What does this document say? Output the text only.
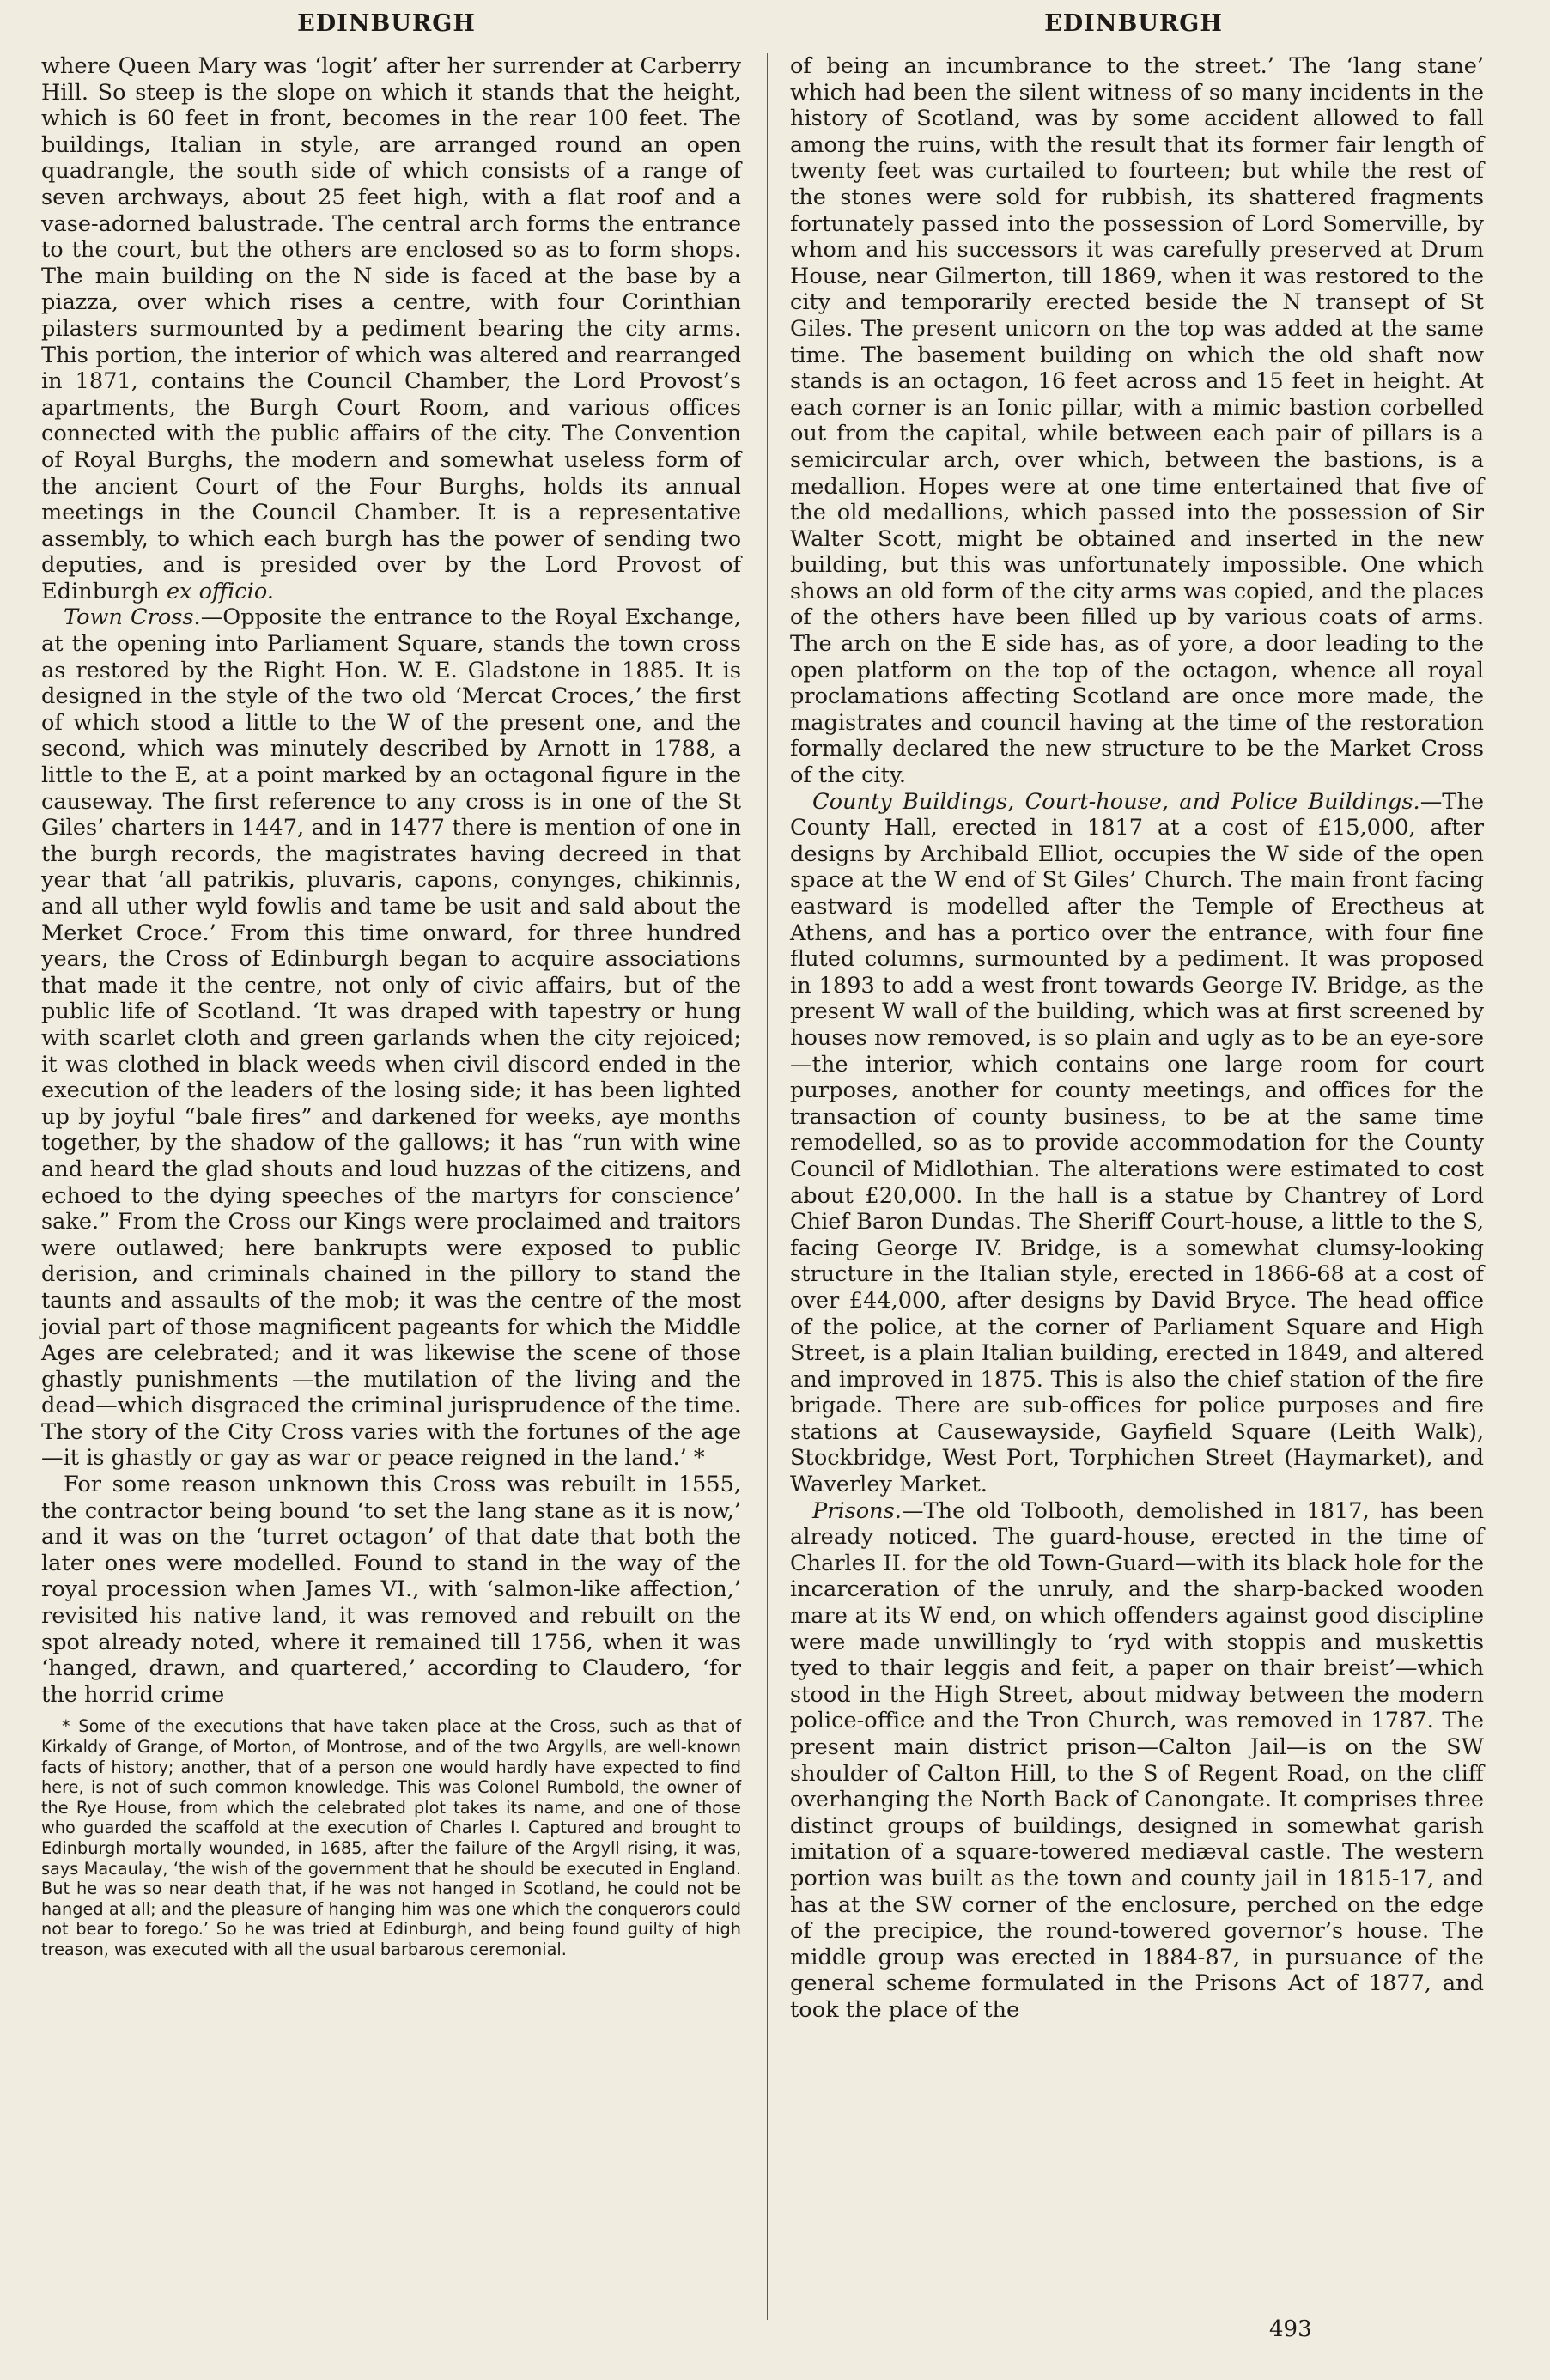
EDINBURGH	EDINBURGH

where Queen Mary was ‘logit’ after her surrender at Carberry Hill. So steep is the slope on which it stands that the height, which is 60 feet in front, becomes in the rear 100 feet. The buildings, Italian in style, are arranged round an open quadrangle, the south side of which consists of a range of seven archways, about 25 feet high, with a flat roof and a vase-adorned balustrade. The central arch forms the entrance to the court, but the others are enclosed so as to form shops. The main building on the N side is faced at the base by a piazza, over which rises a centre, with four Corinthian pilasters surmounted by a pediment bearing the city arms. This portion, the interior of which was altered and rearranged in 1871, contains the Council Chamber, the Lord Provost’s apartments, the Burgh Court Room, and various offices connected with the public affairs of the city. The Convention of Royal Burghs, the modern and somewhat useless form of the ancient Court of the Four Burghs, holds its annual meetings in the Council Chamber. It is a representative assembly, to which each burgh has the power of sending two deputies, and is presided over by the Lord Provost of Edinburgh ex officio.

Town Cross.—Opposite the entrance to the Royal Exchange, at the opening into Parliament Square, stands the town cross as restored by the Right Hon. W. E. Gladstone in 1885. It is designed in the style of the two old ‘Mercat Croces,’ the first of which stood a little to the W of the present one, and the second, which was minutely described by Arnott in 1788, a little to the E, at a point marked by an octagonal figure in the causeway. The first reference to any cross is in one of the St Giles’ charters in 1447, and in 1477 there is mention of one in the burgh records, the magistrates having decreed in that year that ‘all patrikis, pluvaris, capons, conynges, chikinnis, and all uther wyld fowlis and tame be usit and sald about the Merket Croce.’ From this time onward, for three hundred years, the Cross of Edinburgh began to acquire associations that made it the centre, not only of civic affairs, but of the public life of Scotland. ‘It was draped with tapestry or hung with scarlet cloth and green garlands when the city rejoiced; it was clothed in black weeds when civil discord ended in the execution of the leaders of the losing side; it has been lighted up by joyful “bale fires” and darkened for weeks, aye months together, by the shadow of the gallows; it has “run with wine and heard the glad shouts and loud huzzas of the citizens, and echoed to the dying speeches of the martyrs for conscience’ sake.” From the Cross our Kings were proclaimed and traitors were outlawed; here bankrupts were exposed to public derision, and criminals chained in the pillory to stand the taunts and assaults of the mob; it was the centre of the most jovial part of those magnificent pageants for which the Middle Ages are celebrated; and it was likewise the scene of those ghastly punishments —the mutilation of the living and the dead—which disgraced the criminal jurisprudence of the time. The story of the City Cross varies with the fortunes of the age—it is ghastly or gay as war or peace reigned in the land.’ *

For some reason unknown this Cross was rebuilt in 1555, the contractor being bound ‘to set the lang stane as it is now,’ and it was on the ‘turret octagon’ of that date that both the later ones were modelled. Found to stand in the way of the royal procession when James VI., with ‘salmon-like affection,’ revisited his native land, it was removed and rebuilt on the spot already noted, where it remained till 1756, when it was ‘hanged, drawn, and quartered,’ according to Claudero, ‘for the horrid crime

* Some of the executions that have taken place at the Cross, such as that of Kirkaldy of Grange, of Morton, of Montrose, and of the two Argylls, are well-known facts of history; another, that of a person one would hardly have expected to find here, is not of such common knowledge. This was Colonel Rumbold, the owner of the Rye House, from which the celebrated plot takes its name, and one of those who guarded the scaffold at the execution of Charles I. Captured and brought to Edinburgh mortally wounded, in 1685, after the failure of the Argyll rising, it was, says Macaulay, ‘the wish of the government that he should be executed in England. But he was so near death that, if he was not hanged in Scotland, he could not be hanged at all; and the pleasure of hanging him was one which the conquerors could not bear to forego.’ So he was tried at Edinburgh, and being found guilty of high treason, was executed with all the usual barbarous ceremonial.

of being an incumbrance to the street.’ The ‘lang stane’ which had been the silent witness of so many incidents in the history of Scotland, was by some accident allowed to fall among the ruins, with the result that its former fair length of twenty feet was curtailed to fourteen; but while the rest of the stones were sold for rubbish, its shattered fragments fortunately passed into the possession of Lord Somerville, by whom and his successors it was carefully preserved at Drum House, near Gilmerton, till 1869, when it was restored to the city and temporarily erected beside the N transept of St Giles. The present unicorn on the top was added at the same time. The basement building on which the old shaft now stands is an octagon, 16 feet across and 15 feet in height. At each corner is an Ionic pillar, with a mimic bastion corbelled out from the capital, while between each pair of pillars is a semicircular arch, over which, between the bastions, is a medallion. Hopes were at one time entertained that five of the old medallions, which passed into the possession of Sir Walter Scott, might be obtained and inserted in the new building, but this was unfortunately impossible. One which shows an old form of the city arms was copied, and the places of the others have been filled up by various coats of arms. The arch on the E side has, as of yore, a door leading to the open platform on the top of the octagon, whence all royal proclamations affecting Scotland are once more made, the magistrates and council having at the time of the restoration formally declared the new structure to be the Market Cross of the city.

County Buildings, Court-house, and Police Buildings.—The County Hall, erected in 1817 at a cost of £15,000, after designs by Archibald Elliot, occupies the W side of the open space at the W end of St Giles’ Church. The main front facing eastward is modelled after the Temple of Erectheus at Athens, and has a portico over the entrance, with four fine fluted columns, surmounted by a pediment. It was proposed in 1893 to add a west front towards George IV. Bridge, as the present W wall of the building, which was at first screened by houses now removed, is so plain and ugly as to be an eye-sore—the interior, which contains one large room for court purposes, another for county meetings, and offices for the transaction of county business, to be at the same time remodelled, so as to provide accommodation for the County Council of Midlothian. The alterations were estimated to cost about £20,000. In the hall is a statue by Chantrey of Lord Chief Baron Dundas. The Sheriff Court-house, a little to the S, facing George IV. Bridge, is a somewhat clumsy-looking structure in the Italian style, erected in 1866-68 at a cost of over £44,000, after designs by David Bryce. The head office of the police, at the corner of Parliament Square and High Street, is a plain Italian building, erected in 1849, and altered and improved in 1875. This is also the chief station of the fire brigade. There are sub-offices for police purposes and fire stations at Causewayside, Gayfield Square (Leith Walk), Stockbridge, West Port, Torphichen Street (Haymarket), and Waverley Market.

Prisons.—The old Tolbooth, demolished in 1817, has been already noticed. The guard-house, erected in the time of Charles II. for the old Town-Guard—with its black hole for the incarceration of the unruly, and the sharp-backed wooden mare at its W end, on which offenders against good discipline were made unwillingly to ‘ryd with stoppis and muskettis tyed to thair leggis and feit, a paper on thair breist’—which stood in the High Street, about midway between the modern police-office and the Tron Church, was removed in 1787. The present main district prison—Calton Jail—is on the SW shoulder of Calton Hill, to the S of Regent Road, on the cliff overhanging the North Back of Canongate. It comprises three distinct groups of buildings, designed in somewhat garish imitation of a square-towered mediæval castle. The western portion was built as the town and county jail in 1815-17, and has at the SW corner of the enclosure, perched on the edge of the precipice, the round-towered governor’s house. The middle group was erected in 1884-87, in pursuance of the general scheme formulated in the Prisons Act of 1877, and took the place of the

493
